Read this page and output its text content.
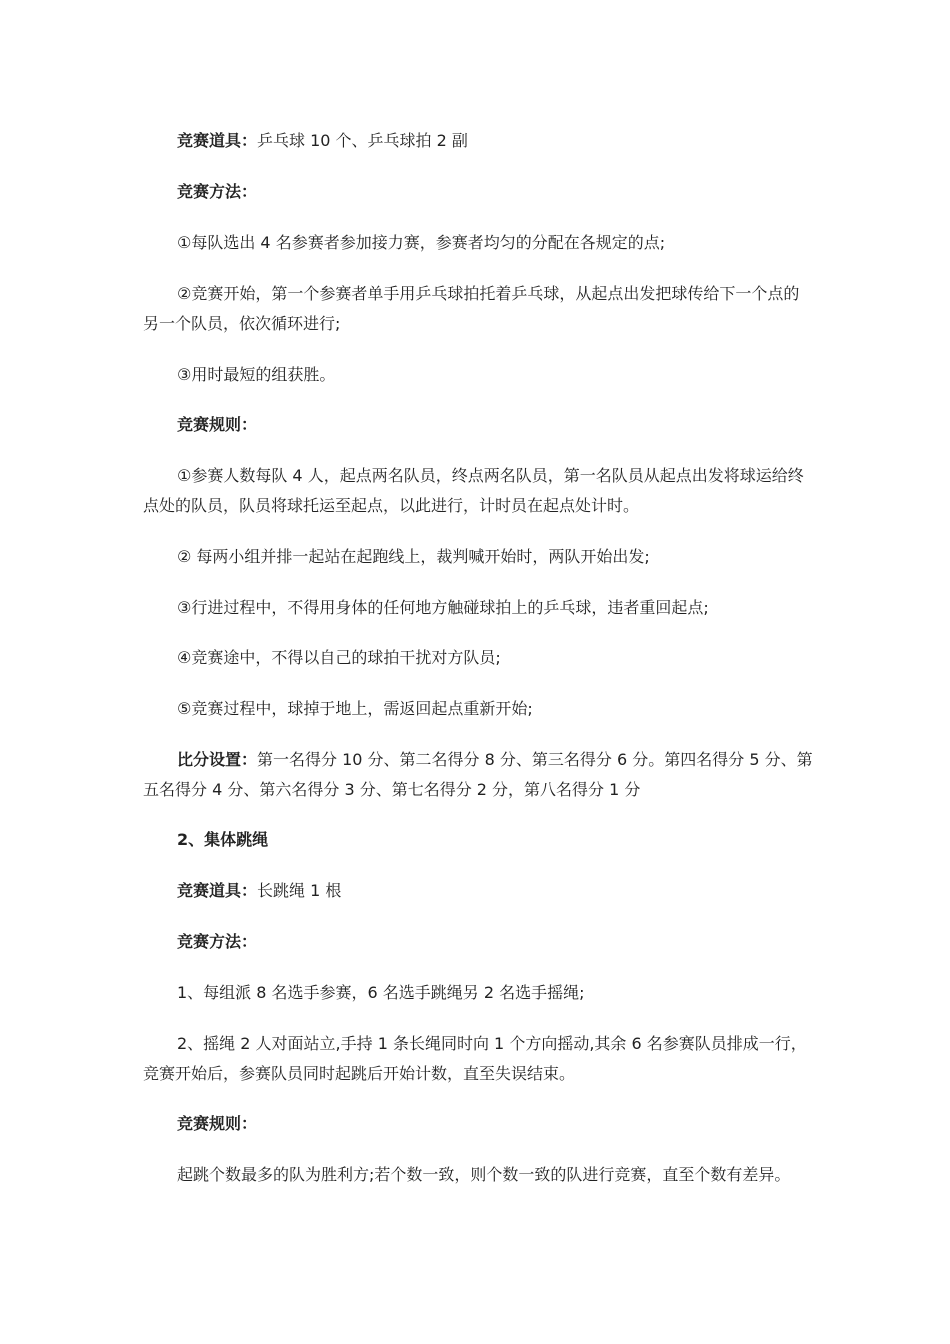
竞赛道具：乒乓球 10 个、乒乓球拍 2 副

竞赛方法：

①每队选出 4 名参赛者参加接力赛，参赛者均匀的分配在各规定的点;

②竞赛开始，第一个参赛者单手用乒乓球拍托着乒乓球，从起点出发把球传给下一个点的另一个队员，依次循环进行;

③用时最短的组获胜。

竞赛规则：

①参赛人数每队 4 人，起点两名队员，终点两名队员，第一名队员从起点出发将球运给终点处的队员，队员将球托运至起点，以此进行，计时员在起点处计时。

② 每两小组并排一起站在起跑线上，裁判喊开始时，两队开始出发;

③行进过程中，不得用身体的任何地方触碰球拍上的乒乓球，违者重回起点;

④竞赛途中，不得以自己的球拍干扰对方队员;

⑤竞赛过程中，球掉于地上，需返回起点重新开始;

比分设置：第一名得分 10 分、第二名得分 8 分、第三名得分 6 分。第四名得分 5 分、第五名得分 4 分、第六名得分 3 分、第七名得分 2 分，第八名得分 1 分

2、集体跳绳

竞赛道具：长跳绳 1 根

竞赛方法：

1、每组派 8 名选手参赛，6 名选手跳绳另 2 名选手摇绳;

2、摇绳 2 人对面站立,手持 1 条长绳同时向 1 个方向摇动,其余 6 名参赛队员排成一行，竞赛开始后，参赛队员同时起跳后开始计数，直至失误结束。

竞赛规则：

起跳个数最多的队为胜利方;若个数一致，则个数一致的队进行竞赛，直至个数有差异。
